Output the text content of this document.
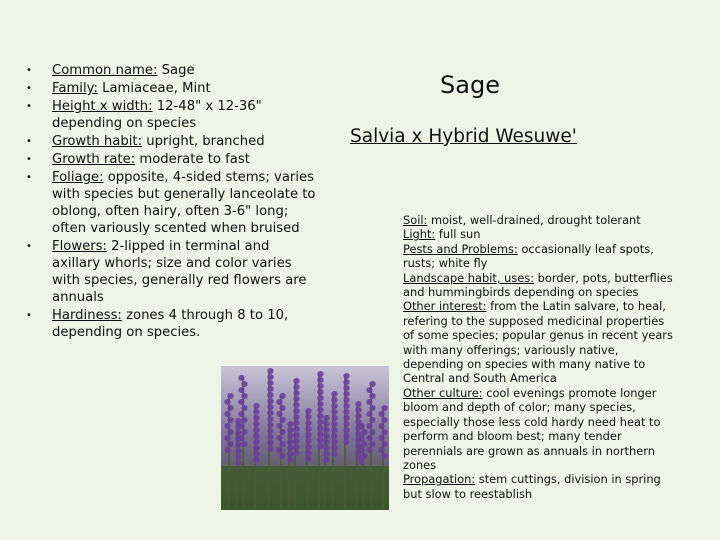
• Common name: Sage
• Family: Lamiaceae, Mint
• Height x width: 12-48" x 12-36" depending on species
• Growth habit: upright, branched
• Growth rate: moderate to fast
• Foliage: opposite, 4-sided stems; varies with species but generally lanceolate to oblong, often hairy, often 3-6" long; often variously scented when bruised
• Flowers: 2-lipped in terminal and axillary whorls; size and color varies with species, generally red flowers are annuals
• Hardiness: zones 4 through 8 to 10, depending on species.
Sage
Salvia x Hybrid Wesuwe'

Soil: moist, well-drained, drought tolerant

Light: full sun

Pests and Problems: occasionally leaf spots, rusts; white fly

Landscape habit, uses: border, pots, butterflies and hummingbirds depending on species

Other interest: from the Latin salvare, to heal, refering to the supposed medicinal properties of some species; popular genus in recent years with many offerings; variously native, depending on species with many native to Central and South America

Other culture: cool evenings promote longer bloom and depth of color; many species, especially those less cold hardy need heat to perform and bloom best; many tender perennials are grown as annuals in northern zones

Propagation: stem cuttings, division in spring but slow to reestablish
